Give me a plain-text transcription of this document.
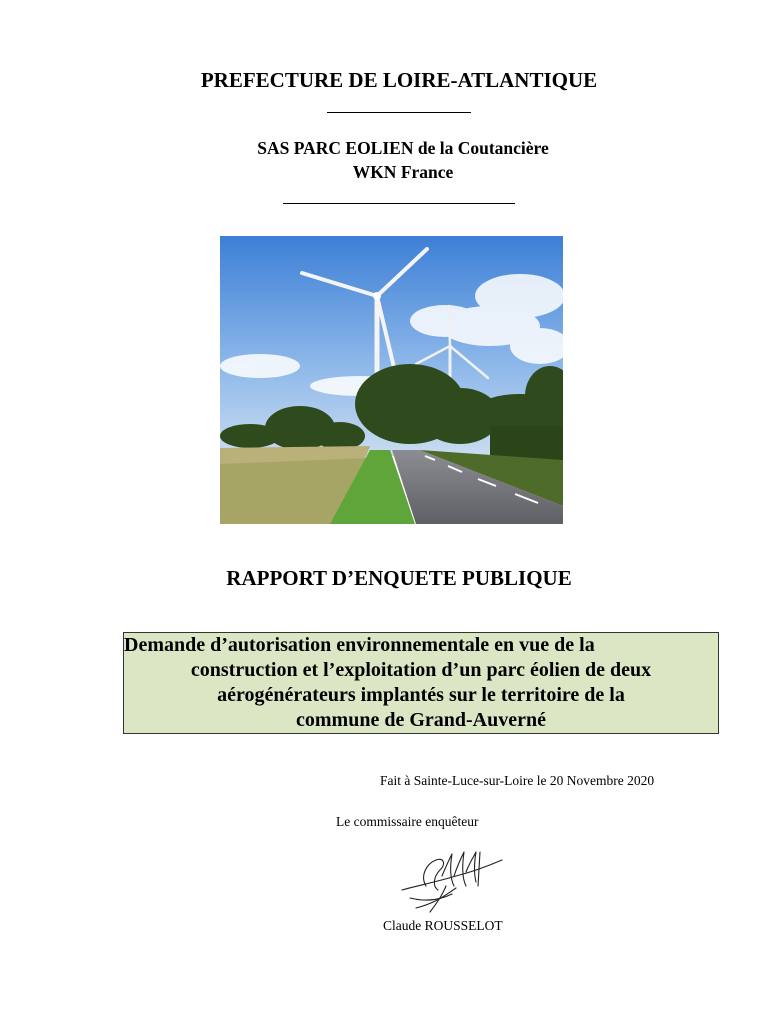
PREFECTURE DE LOIRE-ATLANTIQUE
SAS PARC EOLIEN de la Coutancière
WKN France
RAPPORT D’ENQUETE PUBLIQUE
Demande d’autorisation environnementale en vue de la
construction et l’exploitation d’un parc éolien de deux
aérogénérateurs implantés sur le territoire de la
commune de Grand-Auverné
Fait à Sainte-Luce-sur-Loire le 20 Novembre 2020
Le commissaire enquêteur
Claude ROUSSELOT
